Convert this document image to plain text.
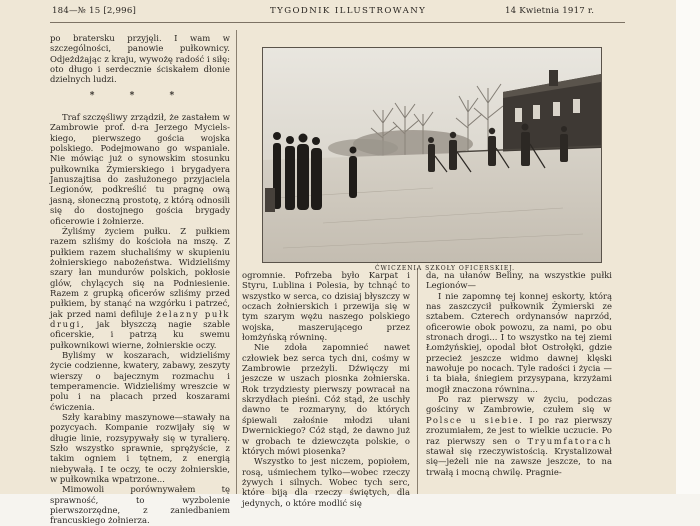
184—№ 15 [2,996]	TYGODNIK ILLUSTROWANY	14 Kwietnia 1917 r.

po bratersku przyjęli. I wam w szczególności, panowie pułkownicy. Odjeżdżając z kraju, wywożę radość i siłę: oto długo i serdecznie ściskałem dłonie dzielnych ludzi.

* * *

Traf szczęśliwy zrządził, że zastałem w Zambrowie prof. d-ra Jerzego Mycielskiego, pierwszego gościa wojska polskiego. Podejmowano go wspaniale. Nie mówiąc już o synowskim stosunku pułkownika Żymierskiego i brygadyera Januszajtisa do zasłużonego przyjaciela Legionów, podkreślić tu pragnę ową jasną, słoneczną prostotę, z którą odnosili się do dostojnego gościa brygady oficerowie i żołnierze.

Żyliśmy życiem pułku. Z pułkiem razem szliśmy do kościoła na mszę. Z pułkiem razem słuchaliśmy w skupieniu żołnierskiego nabożeństwa. Widzieliśmy szary łan mundurów polskich, pokłosie glów, chylących się na Podniesienie. Razem z grupką oficerów szliśmy przed pułkiem, by stanąć na wzgórku i patrzeć, jak przed nami defiluje żelazny pułk drugi, jak błyszczą nagie szable oficerskie, i patrzą ku swemu pułkownikowi wierne, żołnierskie oczy.

Byliśmy w koszarach, widzieliśmy życie codzienne, kwatery, zabawy, zeszyty wierszy o bajecznym rozmachu i temperamencie. Widzieliśmy wreszcie w polu i na placach przed koszarami ćwiczenia.

Szły karabiny maszynowe—stawały na pozycyach. Kompanie rozwijały się w długie linie, rozsypywały się w tyralierę. Szło wszystko sprawnie, sprężyście, z takim ogniem i tętnem, z energią niebywałą. I te oczy, te oczy żołnierskie, w pułkownika wpatrzone...

Mimowoli porównywałem tę sprawność, to wyzbolenie pierwszorzędne, z zaniedbaniem francuskiego żołnierza.

ĆWICZENIA SZKOŁY OFICERSKIEJ.

ogromnie. Pofrzeba było Karpat i Styru, Lublina i Polesia, by tchnąć to wszystko w serca, co dzisiaj błyszczy w oczach żołnierskich i przewija się w tym szarym wężu naszego polskiego wojska, maszerującego przez łomżyńską równinę.

Nie zdoła zapomnieć nawet człowiek bez serca tych dni, cośmy w Zambrowie przeżyli. Dźwięczy mi jeszcze w uszach piosnka żołnierska. Rok trzydziesty pierwszy powracał na skrzydłach pieśni. Cóż stąd, że uschły dawno te rozmaryny, do których śpiewali załośnie młodzi ułani Dwernickiego? Cóż stąd, że dawno już w grobach te dziewczęta polskie, o których mówi piosenka?

Wszystko to jest niczem, popiołem, rosą, uśmiechem tylko—wobec rzeczy żywych i silnych. Wobec tych serc, które biją dla rzeczy świętych, dla jedynych, o które modlić się

da, na ułanów Beliny, na wszystkie pułki Legionów—

I nie zapomnę tej konnej eskorty, którą nas zaszczycił pułkownik Żymierski ze sztabem. Czterech ordynansów naprzód, oficerowie obok powozu, za nami, po obu stronach drogi... I to wszystko na tej ziemi Łomżyńskiej, opodal błot Ostrołęki, gdzie przecież jeszcze widmo dawnej klęski nawołuje po nocach. Tyle radości i życia — i ta biała, śniegiem przysypana, krzyżami mogił znaczona równina...

Po raz pierwszy w życiu, podczas gościny w Zambrowie, czułem się w Polsce u siebie. I po raz pierwszy zrozumiałem, że jest to wielkie uczucie. Po raz pierwszy sen o Tryumfatorach stawał się rzeczywistością. Krystalizował się—jeżeli nie na zawsze jeszcze, to na trwałą i mocną chwilę. Pragnie-
